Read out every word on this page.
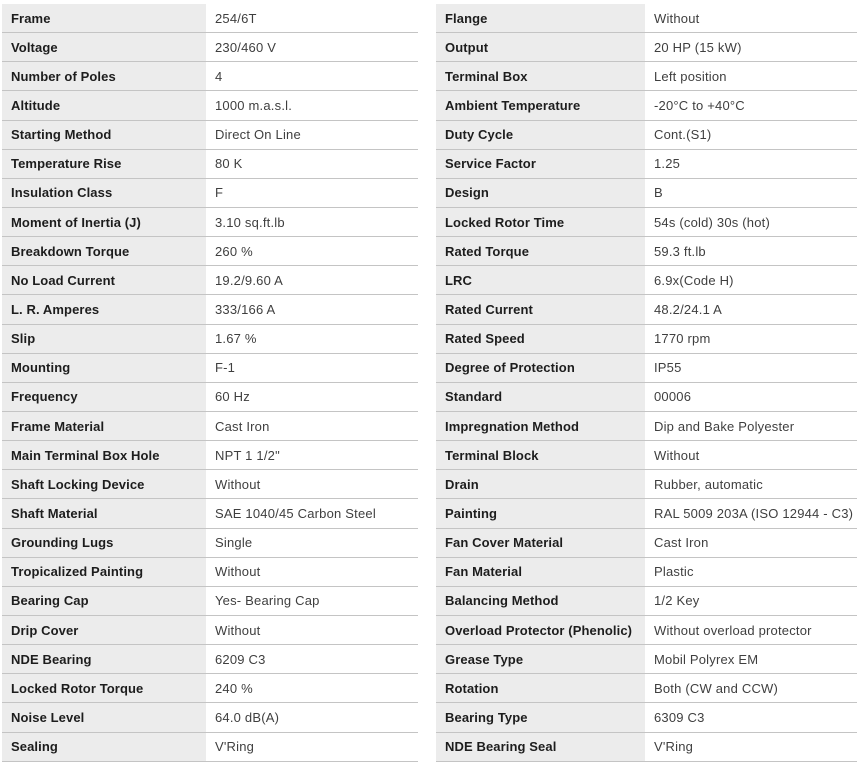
Frame	254/6T
Voltage	230/460 V
Number of Poles	4
Altitude	1000 m.a.s.l.
Starting Method	Direct On Line
Temperature Rise	80 K
Insulation Class	F
Moment of Inertia (J)	3.10 sq.ft.lb
Breakdown Torque	260 %
No Load Current	19.2/9.60 A
L. R. Amperes	333/166 A
Slip	1.67 %
Mounting	F-1
Frequency	60 Hz
Frame Material	Cast Iron
Main Terminal Box Hole	NPT 1 1/2"
Shaft Locking Device	Without
Shaft Material	SAE 1040/45 Carbon Steel
Grounding Lugs	Single
Tropicalized Painting	Without
Bearing Cap	Yes- Bearing Cap
Drip Cover	Without
NDE Bearing	6209 C3
Locked Rotor Torque	240 %
Noise Level	64.0 dB(A)
Sealing	V'Ring
Flange	Without
Output	20 HP (15 kW)
Terminal Box	Left position
Ambient Temperature	-20°C to +40°C
Duty Cycle	Cont.(S1)
Service Factor	1.25
Design	B
Locked Rotor Time	54s (cold) 30s (hot)
Rated Torque	59.3 ft.lb
LRC	6.9x(Code H)
Rated Current	48.2/24.1 A
Rated Speed	1770 rpm
Degree of Protection	IP55
Standard	00006
Impregnation Method	Dip and Bake Polyester
Terminal Block	Without
Drain	Rubber, automatic
Painting	RAL 5009 203A (ISO 12944 - C3)
Fan Cover Material	Cast Iron
Fan Material	Plastic
Balancing Method	1/2 Key
Overload Protector (Phenolic)	Without overload protector
Grease Type	Mobil Polyrex EM
Rotation	Both (CW and CCW)
Bearing Type	6309 C3
NDE Bearing Seal	V'Ring
